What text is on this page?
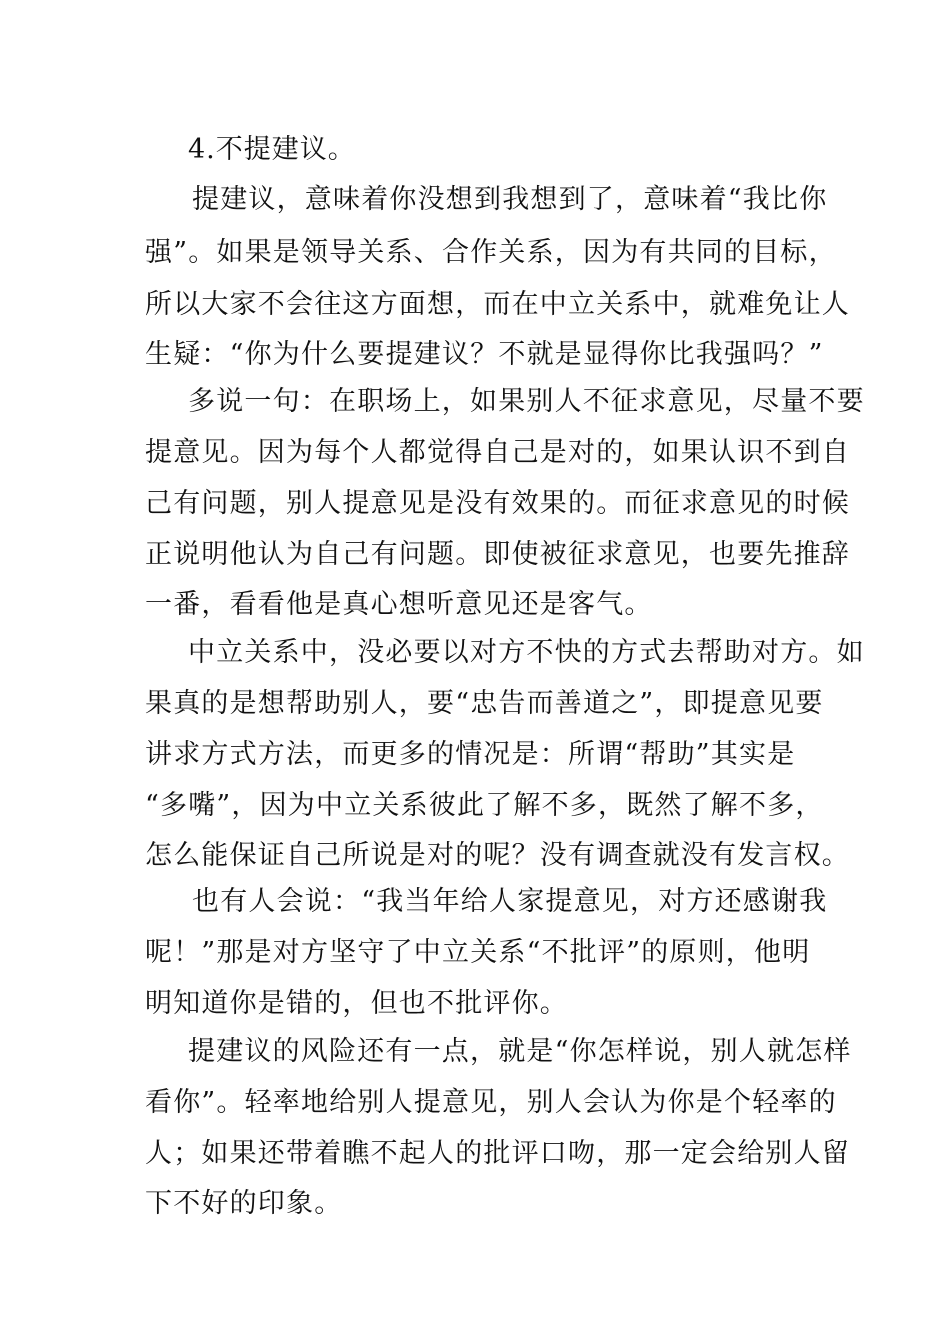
4.不提建议。
提建议，意味着你没想到我想到了，意味着“我比你
强”。如果是领导关系、合作关系，因为有共同的目标，
所以大家不会往这方面想，而在中立关系中，就难免让人
生疑：“你为什么要提建议？不就是显得你比我强吗？”
多说一句：在职场上，如果别人不征求意见，尽量不要
提意见。因为每个人都觉得自己是对的，如果认识不到自
己有问题，别人提意见是没有效果的。而征求意见的时候
正说明他认为自己有问题。即使被征求意见，也要先推辞
一番，看看他是真心想听意见还是客气。
中立关系中，没必要以对方不快的方式去帮助对方。如
果真的是想帮助别人，要“忠告而善道之”，即提意见要
讲求方式方法，而更多的情况是：所谓“帮助”其实是
“多嘴”，因为中立关系彼此了解不多，既然了解不多，
怎么能保证自己所说是对的呢？没有调查就没有发言权。
也有人会说：“我当年给人家提意见，对方还感谢我
呢！”那是对方坚守了中立关系“不批评”的原则，他明
明知道你是错的，但也不批评你。
提建议的风险还有一点，就是“你怎样说，别人就怎样
看你”。轻率地给别人提意见，别人会认为你是个轻率的
人；如果还带着瞧不起人的批评口吻，那一定会给别人留
下不好的印象。
